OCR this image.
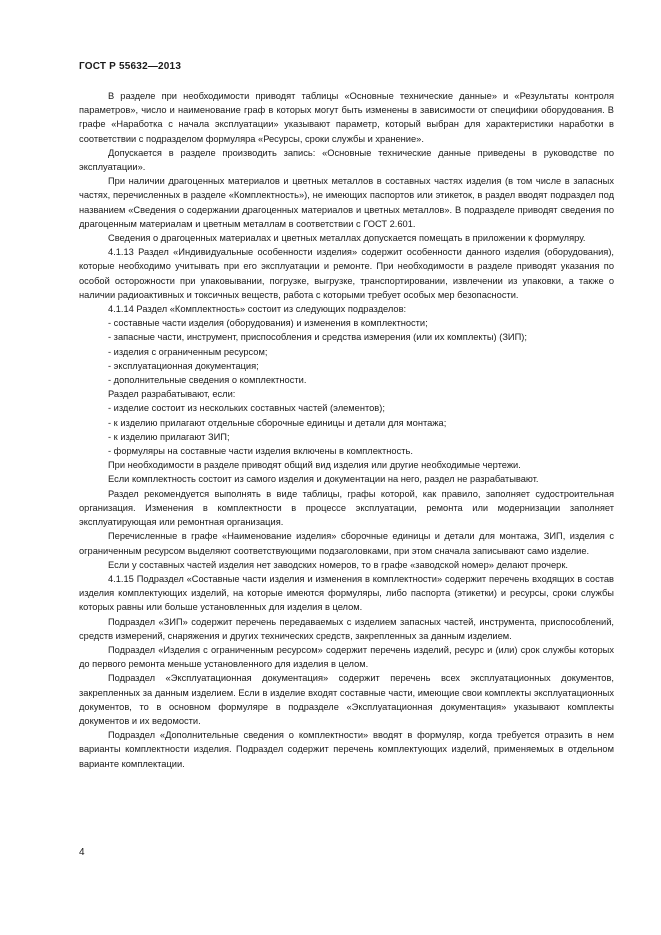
ГОСТ Р 55632—2013
В разделе при необходимости приводят таблицы «Основные технические данные» и «Результаты контроля параметров», число и наименование граф в которых могут быть изменены в зависимости от специфики оборудования. В графе «Наработка с начала эксплуатации» указывают параметр, который выбран для характеристики наработки в соответствии с подразделом формуляра «Ресурсы, сроки службы и хранение».
Допускается в разделе производить запись: «Основные технические данные приведены в руководстве по эксплуатации».
При наличии драгоценных материалов и цветных металлов в составных частях изделия (в том числе в запасных частях, перечисленных в разделе «Комплектность»), не имеющих паспортов или этикеток, в раздел вводят подраздел под названием «Сведения о содержании драгоценных материалов и цветных металлов». В подразделе приводят сведения по драгоценным материалам и цветным металлам в соответствии с ГОСТ 2.601.
Сведения о драгоценных материалах и цветных металлах допускается помещать в приложении к формуляру.
4.1.13 Раздел «Индивидуальные особенности изделия» содержит особенности данного изделия (оборудования), которые необходимо учитывать при его эксплуатации и ремонте. При необходимости в разделе приводят указания по особой осторожности при упаковывании, погрузке, выгрузке, транспортировании, извлечении из упаковки, а также о наличии радиоактивных и токсичных веществ, работа с которыми требует особых мер безопасности.
4.1.14 Раздел «Комплектность» состоит из следующих подразделов:
- составные части изделия (оборудования) и изменения в комплектности;
- запасные части, инструмент, приспособления и средства измерения (или их комплекты) (ЗИП);
- изделия с ограниченным ресурсом;
- эксплуатационная документация;
- дополнительные сведения о комплектности.
Раздел разрабатывают, если:
- изделие состоит из нескольких составных частей (элементов);
- к изделию прилагают отдельные сборочные единицы и детали для монтажа;
- к изделию прилагают ЗИП;
- формуляры на составные части изделия включены в комплектность.
При необходимости в разделе приводят общий вид изделия или другие необходимые чертежи.
Если комплектность состоит из самого изделия и документации на него, раздел не разрабатывают.
Раздел рекомендуется выполнять в виде таблицы, графы которой, как правило, заполняет судостроительная организация. Изменения в комплектности в процессе эксплуатации, ремонта или модернизации заполняет эксплуатирующая или ремонтная организация.
Перечисленные в графе «Наименование изделия» сборочные единицы и детали для монтажа, ЗИП, изделия с ограниченным ресурсом выделяют соответствующими подзаголовками, при этом сначала записывают само изделие.
Если у составных частей изделия нет заводских номеров, то в графе «заводской номер» делают прочерк.
4.1.15 Подраздел «Составные части изделия и изменения в комплектности» содержит перечень входящих в состав изделия комплектующих изделий, на которые имеются формуляры, либо паспорта (этикетки) и ресурсы, сроки службы которых равны или больше установленных для изделия в целом.
Подраздел «ЗИП» содержит перечень передаваемых с изделием запасных частей, инструмента, приспособлений, средств измерений, снаряжения и других технических средств, закрепленных за данным изделием.
Подраздел «Изделия с ограниченным ресурсом» содержит перечень изделий, ресурс и (или) срок службы которых до первого ремонта меньше установленного для изделия в целом.
Подраздел «Эксплуатационная документация» содержит перечень всех эксплуатационных документов, закрепленных за данным изделием. Если в изделие входят составные части, имеющие свои комплекты эксплуатационных документов, то в основном формуляре в подразделе «Эксплуатационная документация» указывают комплекты документов и их ведомости.
Подраздел «Дополнительные сведения о комплектности» вводят в формуляр, когда требуется отразить в нем варианты комплектности изделия. Подраздел содержит перечень комплектующих изделий, применяемых в отдельном варианте комплектации.
4
